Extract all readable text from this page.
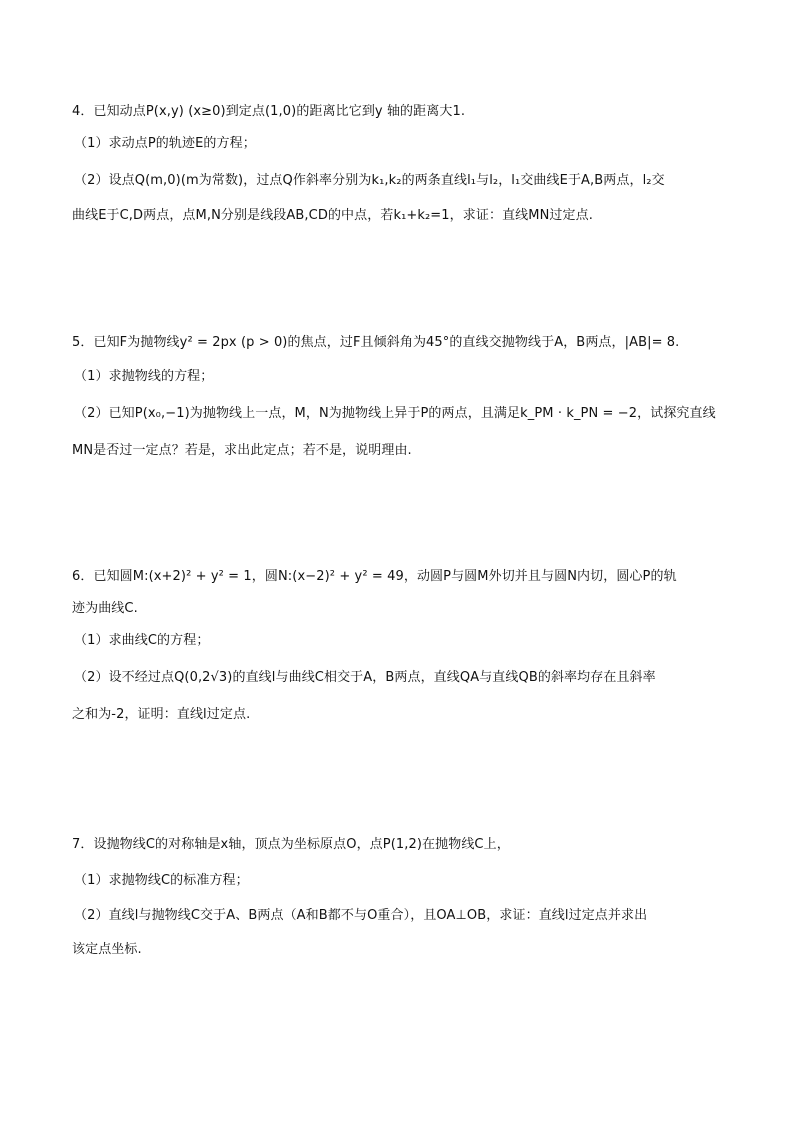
4．已知动点P(x,y) (x≥0)到定点(1,0)的距离比它到y 轴的距离大1.
（1）求动点P的轨迹E的方程；
（2）设点Q(m,0)(m为常数)，过点Q作斜率分别为k₁,k₂的两条直线l₁与l₂，l₁交曲线E于A,B两点，l₂交
曲线E于C,D两点，点M,N分别是线段AB,CD的中点，若k₁+k₂=1，求证：直线MN过定点.
5．已知F为抛物线y² = 2px (p > 0)的焦点，过F且倾斜角为45°的直线交抛物线于A，B两点，|AB|= 8.
（1）求抛物线的方程；
（2）已知P(x₀,−1)为抛物线上一点，M，N为抛物线上异于P的两点，且满足k_PM · k_PN = −2，试探究直线
MN是否过一定点？若是，求出此定点；若不是，说明理由.
6．已知圆M:(x+2)² + y² = 1，圆N:(x−2)² + y² = 49，动圆P与圆M外切并且与圆N内切，圆心P的轨
迹为曲线C.
（1）求曲线C的方程；
（2）设不经过点Q(0,2√3)的直线l与曲线C相交于A，B两点，直线QA与直线QB的斜率均存在且斜率
之和为-2，证明：直线l过定点.
7．设抛物线C的对称轴是x轴，顶点为坐标原点O，点P(1,2)在抛物线C上，
（1）求抛物线C的标准方程；
（2）直线l与抛物线C交于A、B两点（A和B都不与O重合），且OA⊥OB，求证：直线l过定点并求出
该定点坐标.
